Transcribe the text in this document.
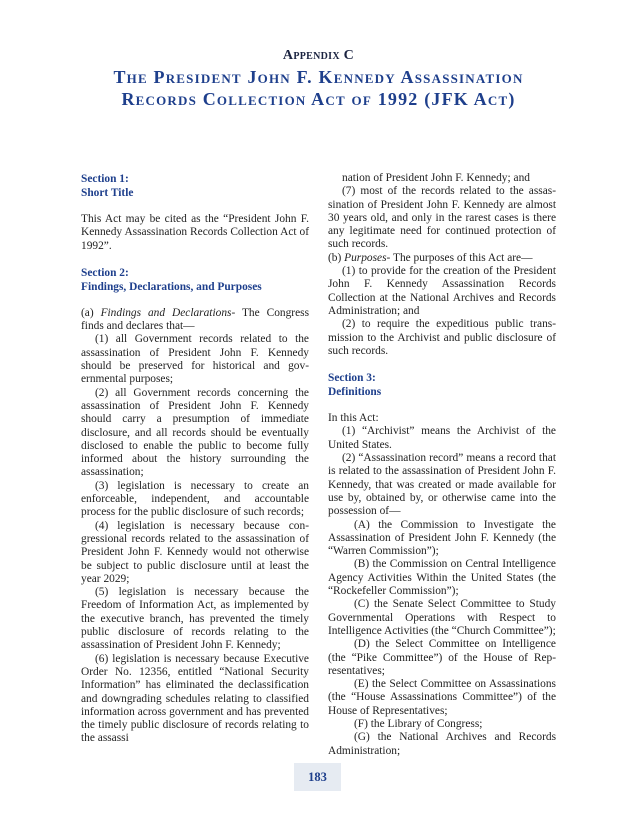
Appendix C
The President John F. Kennedy Assassination
Records Collection Act of 1992 (JFK Act)

Section 1:

Short Title

This Act may be cited as the “President John F. Kennedy Assassination Records Collection Act of 1992”.

Section 2:

Findings, Declarations, and Purposes

(a) Findings and Declarations- The Congress finds and declares that—

(1) all Government records related to the assassination of President John F. Kennedy should be preserved for historical and governmental purposes;

(2) all Government records concerning the assassination of President John F. Kennedy should carry a presumption of immediate disclosure, and all records should be eventually disclosed to enable the public to become fully informed about the history surrounding the assassination;

(3) legislation is necessary to create an enforceable, independent, and accountable process for the public disclosure of such records;

(4) legislation is necessary because congressional records related to the assassination of President John F. Kennedy would not otherwise be subject to public disclosure until at least the year 2029;

(5) legislation is necessary because the Freedom of Information Act, as implemented by the executive branch, has prevented the timely public disclosure of records relating to the assassination of President John F. Kennedy;

(6) legislation is necessary because Executive Order No. 12356, entitled “National Security Information” has eliminated the declassification and downgrading schedules relating to classified information across government and has prevented the timely public disclosure of records relating to the assassi

nation of President John F. Kennedy; and

(7) most of the records related to the assassination of President John F. Kennedy are almost 30 years old, and only in the rarest cases is there any legitimate need for continued protection of such records.

(b) Purposes- The purposes of this Act are—

(1) to provide for the creation of the President John F. Kennedy Assassination Records Collection at the National Archives and Records Administration; and

(2) to require the expeditious public transmission to the Archivist and public disclosure of such records.

Section 3:

Definitions

In this Act:

(1) “Archivist” means the Archivist of the United States.

(2) “Assassination record” means a record that is related to the assassination of President John F. Kennedy, that was created or made available for use by, obtained by, or otherwise came into the possession of—

(A) the Commission to Investigate the Assassination of President John F. Kennedy (the “Warren Commission”);

(B) the Commission on Central Intelligence Agency Activities Within the United States (the “Rockefeller Commission”);

(C) the Senate Select Committee to Study Governmental Operations with Respect to Intelligence Activities (the “Church Committee”);

(D) the Select Committee on Intelligence (the “Pike Committee”) of the House of Representatives;

(E) the Select Committee on Assassinations (the “House Assassinations Committee”) of the House of Representatives;

(F) the Library of Congress;

(G) the National Archives and Records Administration;

183
